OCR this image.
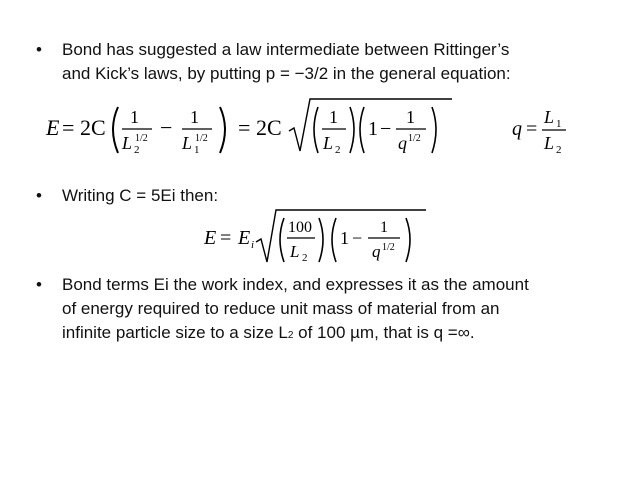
•	Bond has suggested a law intermediate between Rittinger’s
and Kick’s laws, by putting p = −3/2 in the general equation:
E = 2C 1
L 2
1/2 − 1
L 1
1/2 = 2C	1
L 2
1 −
1
q 1/2	q =
L 1
L 2
•	Writing C = 5Ei then:
E = E i
100
L 2
1 −
1
q 1/2
•	Bond terms Ei the work index, and expresses it as the amount
of energy required to reduce unit mass of material from an
infinite particle size to a size L2 of 100 µm, that is q =∞.
